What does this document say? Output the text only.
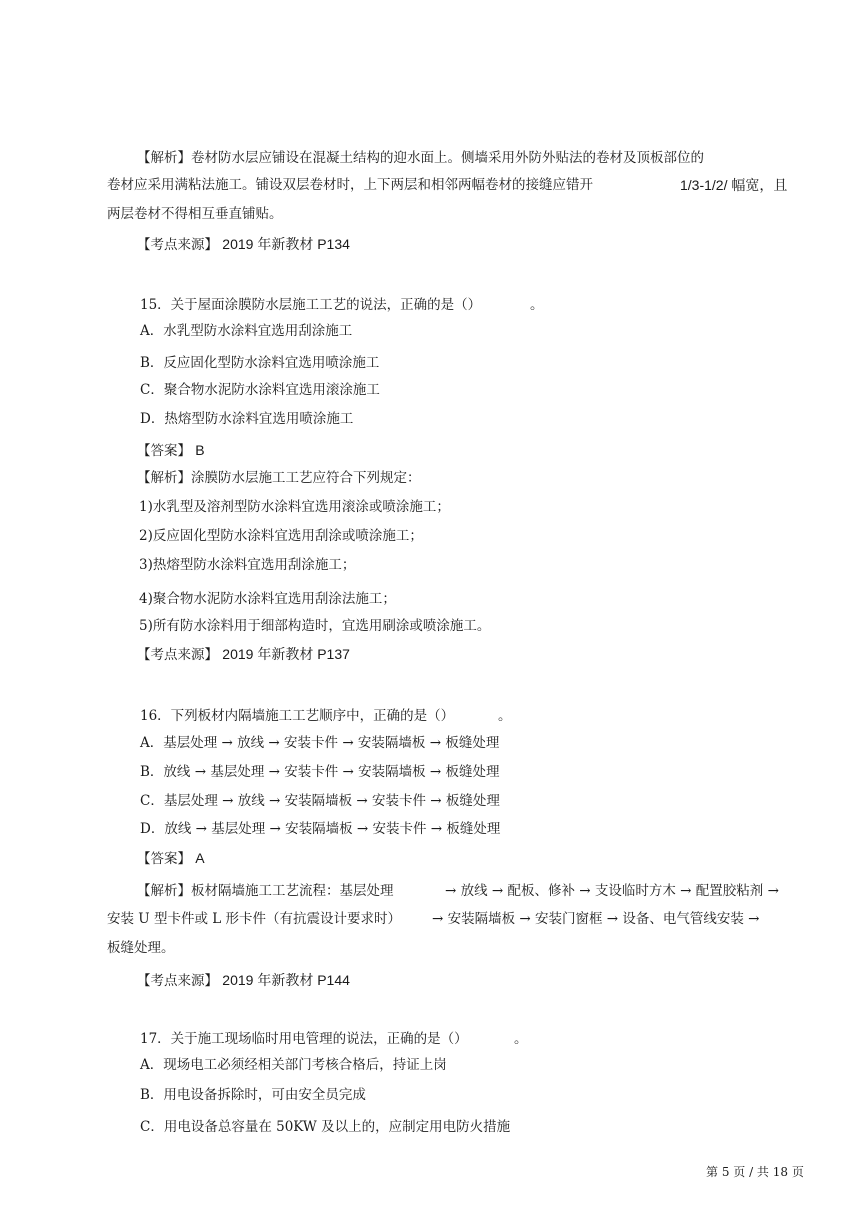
【解析】卷材防水层应铺设在混凝土结构的迎水面上。侧墙采用外防外贴法的卷材及顶板部位的
卷材应采用满粘法施工。铺设双层卷材时，上下两层和相邻两幅卷材的接缝应错开	1/3-1/2/ 幅宽，且
两层卷材不得相互垂直铺贴。
【考点来源】 2019 年新教材 P134
15．关于屋面涂膜防水层施工工艺的说法，正确的是（）	。
A．水乳型防水涂料宜选用刮涂施工
B．反应固化型防水涂料宜选用喷涂施工
C．聚合物水泥防水涂料宜选用滚涂施工
D．热熔型防水涂料宜选用喷涂施工
【答案】 B
【解析】涂膜防水层施工工艺应符合下列规定：
1)水乳型及溶剂型防水涂料宜选用滚涂或喷涂施工；
2)反应固化型防水涂料宜选用刮涂或喷涂施工；
3)热熔型防水涂料宜选用刮涂施工；
4)聚合物水泥防水涂料宜选用刮涂法施工；
5)所有防水涂料用于细部构造时，宜选用刷涂或喷涂施工。
【考点来源】 2019 年新教材 P137
16．下列板材内隔墙施工工艺顺序中，正确的是（）	。
A．基层处理 → 放线 → 安装卡件 → 安装隔墙板 → 板缝处理
B．放线 → 基层处理 → 安装卡件 → 安装隔墙板 → 板缝处理
C．基层处理 → 放线 → 安装隔墙板 → 安装卡件 → 板缝处理
D．放线 → 基层处理 → 安装隔墙板 → 安装卡件 → 板缝处理
【答案】 A
【解析】板材隔墙施工工艺流程：基层处理	→ 放线 → 配板、修补 → 支设临时方木 → 配置胶粘剂 →
安装 U 型卡件或 L 形卡件（有抗震设计要求时） → 安装隔墙板 → 安装门窗框 → 设备、电气管线安装 →
板缝处理。
【考点来源】 2019 年新教材 P144
17．关于施工现场临时用电管理的说法，正确的是（）	。
A．现场电工必须经相关部门考核合格后，持证上岗
B．用电设备拆除时，可由安全员完成
C．用电设备总容量在 50KW 及以上的，应制定用电防火措施
第 5 页 / 共 18 页
